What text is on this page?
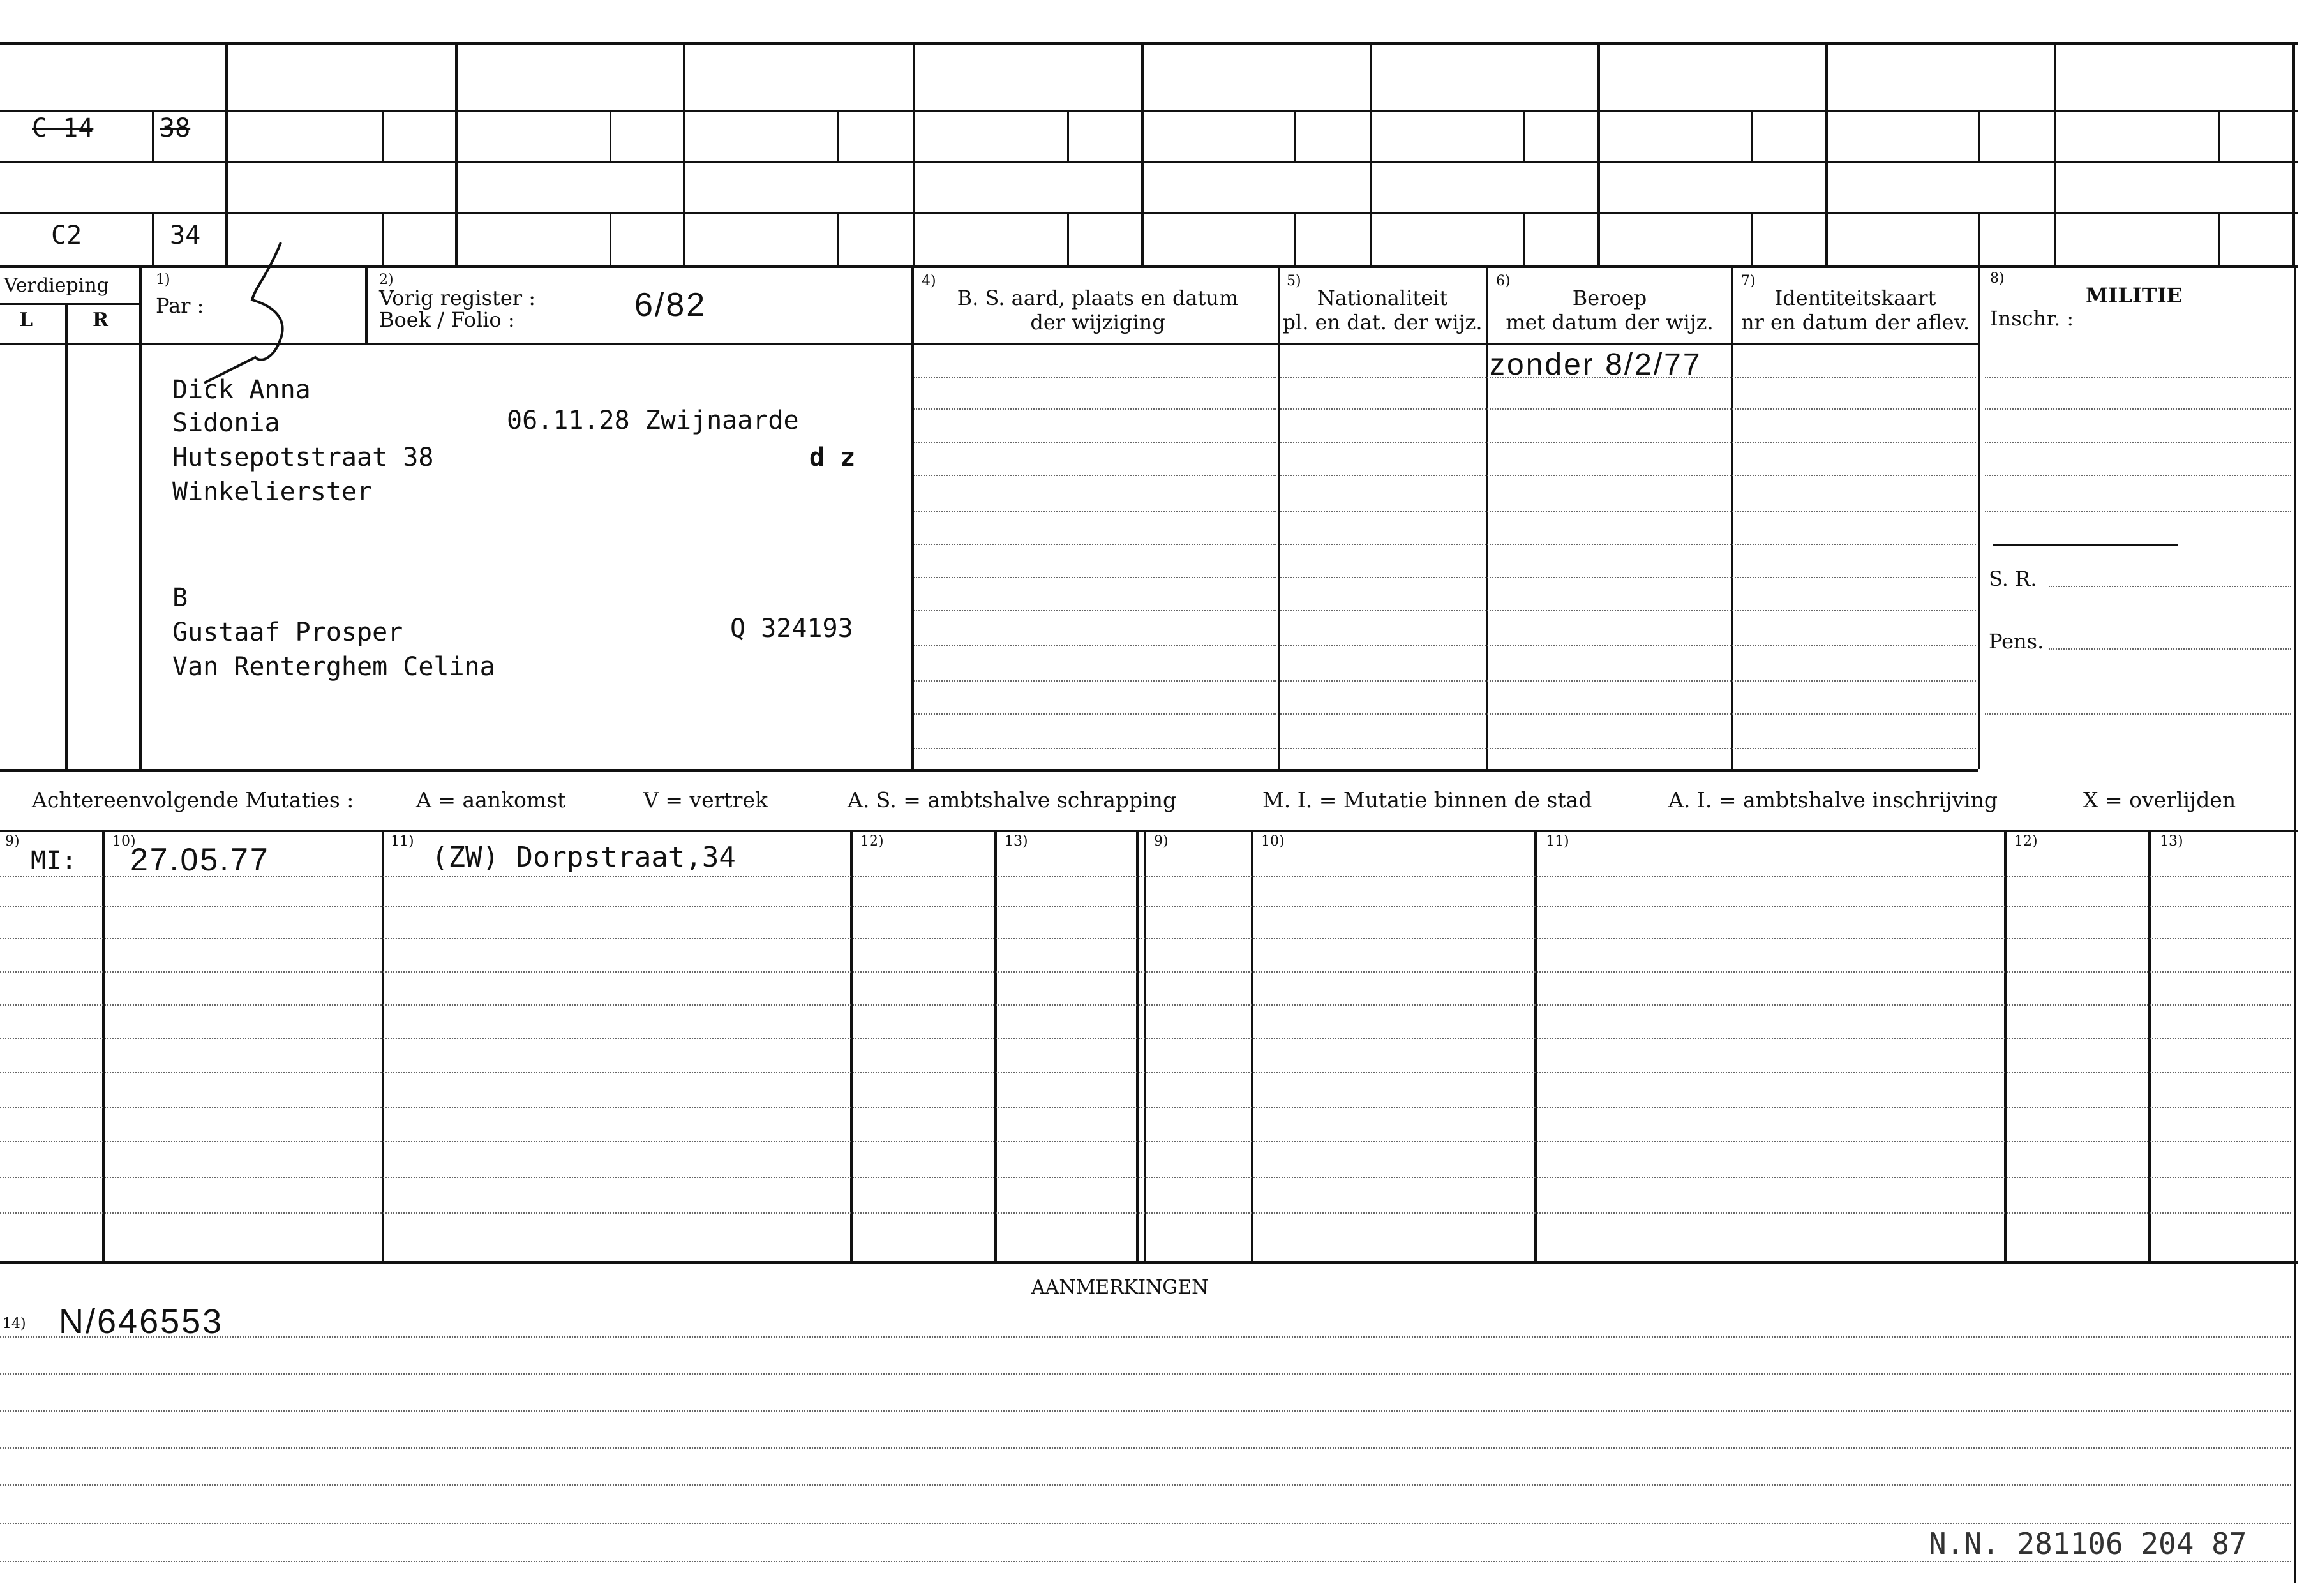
C 14	38
C2	34
Verdieping
L	R
1)
Par :
2)
Vorig register :
Boek / Folio :	6/82
4)
B. S. aard, plaats en datum
der wijziging
5)
Nationaliteit
pl. en dat. der wijz.
6)
Beroep
met datum der wijz.
7)
Identiteitskaart
nr en datum der aflev.
8)
MILITIE
Inschr. :
S. R.
Pens.
Dick Anna
Sidonia	06.11.28 Zwijnaarde
Hutsepotstraat 38	d z
Winkelierster
B
Gustaaf Prosper	Q 324193
Van Renterghem Celina
zonder 8/2/77
Achtereenvolgende Mutaties :	A = aankomst	V = vertrek	A. S. = ambtshalve schrapping	M. I. = Mutatie binnen de stad	A. I. = ambtshalve inschrijving	X = overlijden
9)	10)	11)	12)	13)	9)	10)	11)	12)	13)
MI: 27.05.77	(ZW) Dorpstraat,34
AANMERKINGEN
14) N/646553
N.N. 281106 204 87
